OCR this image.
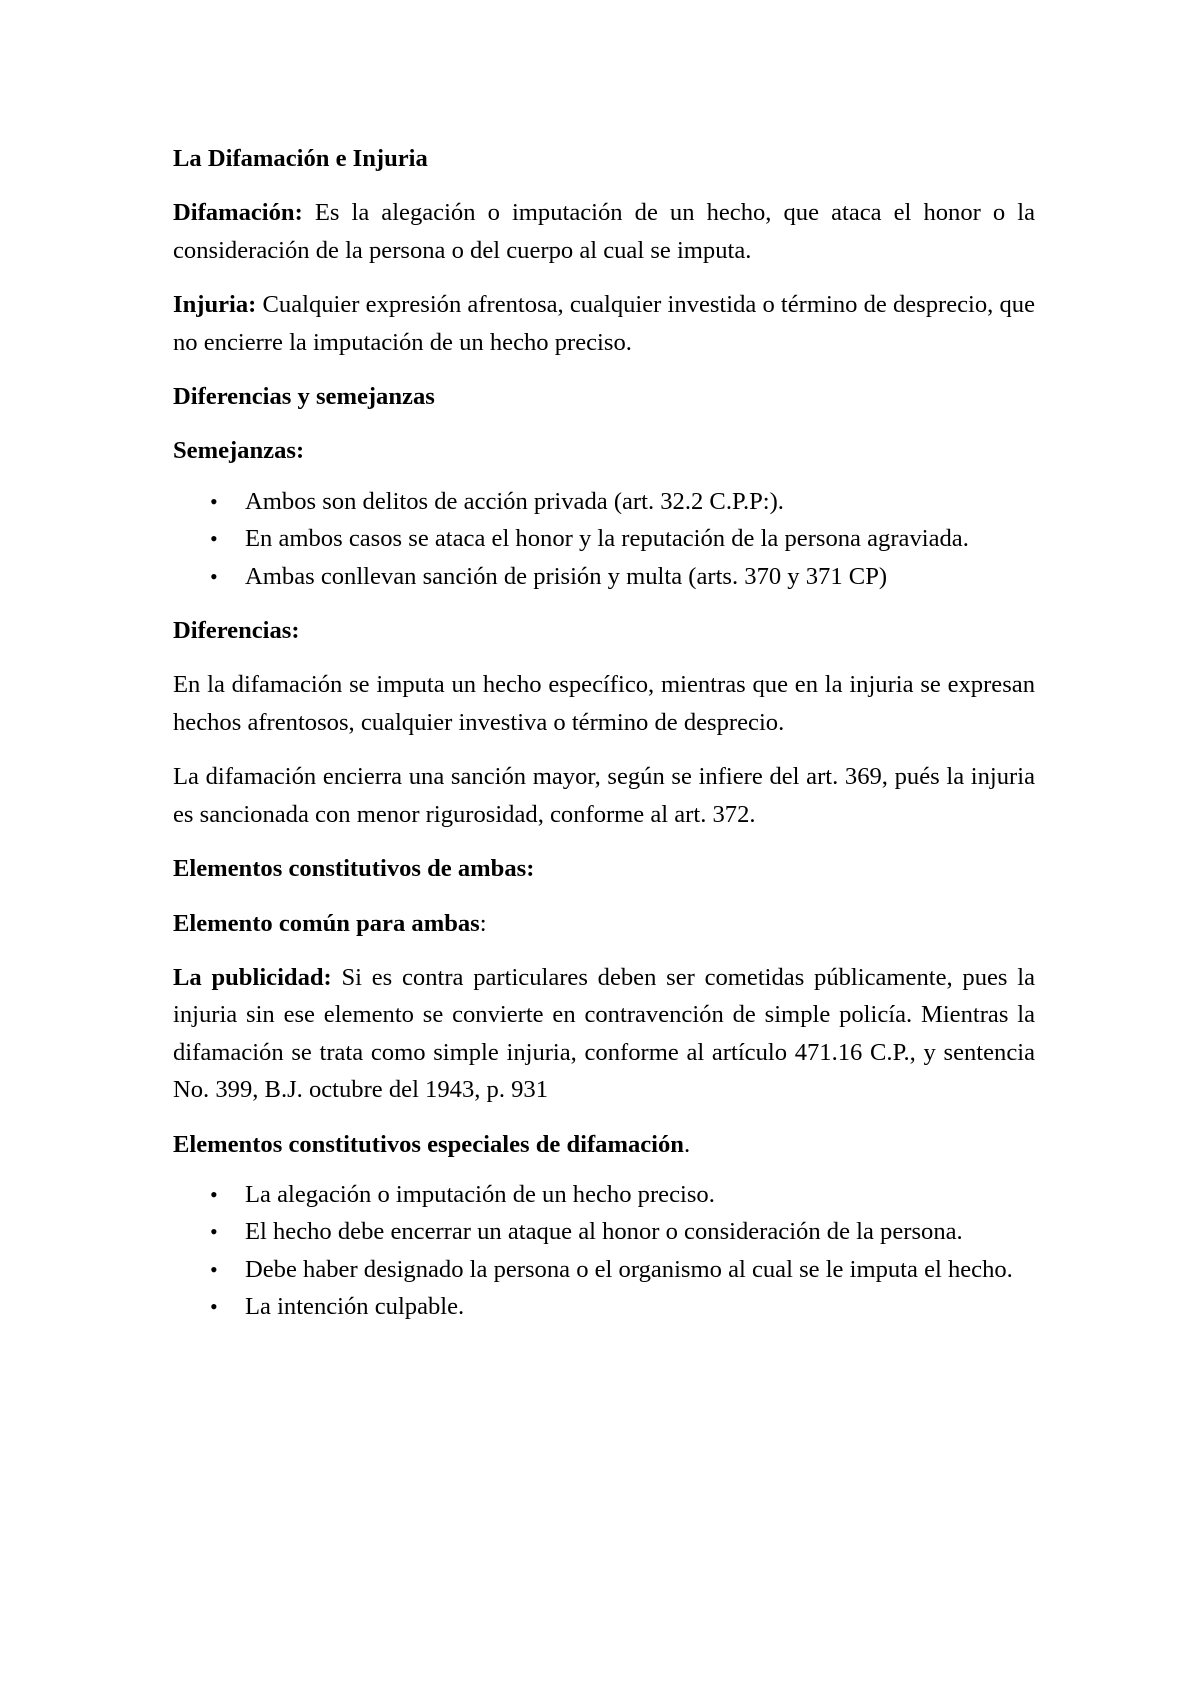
La Difamación e Injuria

Difamación: Es la alegación o imputación de un hecho, que ataca el honor o la consideración de la persona o del cuerpo al cual se imputa.

Injuria: Cualquier expresión afrentosa, cualquier investida o término de desprecio, que no encierre la imputación de un hecho preciso.

Diferencias y semejanzas

Semejanzas:

• Ambos son delitos de acción privada (art. 32.2 C.P.P:).
• En ambos casos se ataca el honor y la reputación de la persona agraviada.
• Ambas conllevan sanción de prisión y multa (arts. 370 y 371 CP)

Diferencias:

En la difamación se imputa un hecho específico, mientras que en la injuria se expresan hechos afrentosos, cualquier investiva o término de desprecio.

La difamación encierra una sanción mayor, según se infiere del art. 369, pués la injuria es sancionada con menor rigurosidad, conforme al art. 372.

Elementos constitutivos de ambas:

Elemento común para ambas:

La publicidad: Si es contra particulares deben ser cometidas públicamente, pues la injuria sin ese elemento se convierte en contravención de simple policía. Mientras la difamación se trata como simple injuria, conforme al artículo 471.16 C.P., y sentencia No. 399, B.J. octubre del 1943, p. 931

Elementos constitutivos especiales de difamación.

• La alegación o imputación de un hecho preciso.
• El hecho debe encerrar un ataque al honor o consideración de la persona.
• Debe haber designado la persona o el organismo al cual se le imputa el hecho.
• La intención culpable.
